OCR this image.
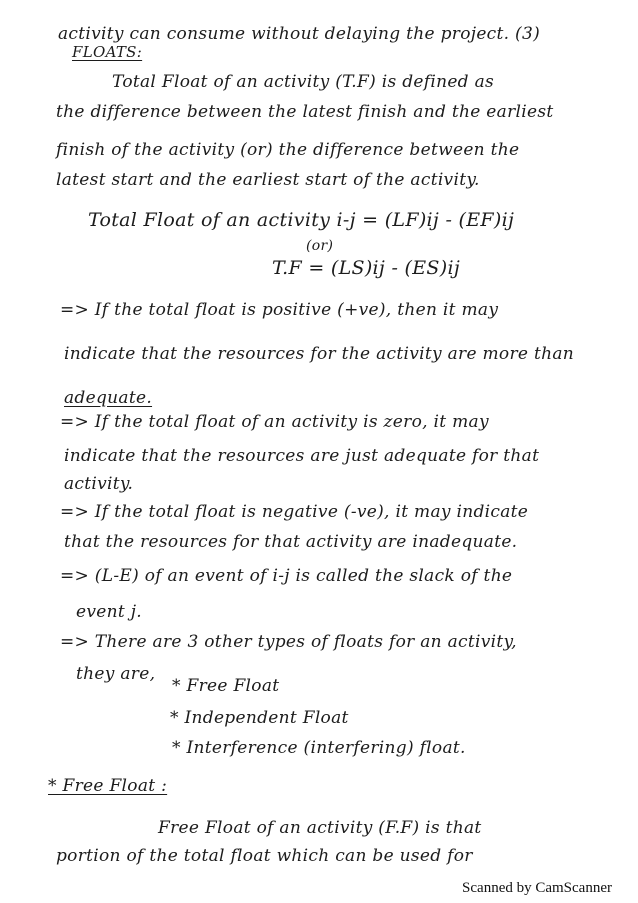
activity can consume without delaying the project. (3)
FLOATS:
Total Float of an activity (T.F) is defined as
the difference between the latest finish and the earliest
finish of the activity (or) the difference between the
latest start and the earliest start of the activity.
Total Float of an activity i-j = (LF)ij - (EF)ij
(or)
T.F = (LS)ij - (ES)ij
=> If the total float is positive (+ve), then it may
indicate that the resources for the activity are more than
adequate.
=> If the total float of an activity is zero, it may
indicate that the resources are just adequate for that
activity.
=> If the total float is negative (-ve), it may indicate
that the resources for that activity are inadequate.
=> (L-E) of an event of i-j is called the slack of the
event j.
=> There are 3 other types of floats for an activity,
they are,
* Free Float
* Independent Float
* Interference (interfering) float.
* Free Float :
Free Float of an activity (F.F) is that
portion of the total float which can be used for
Scanned by CamScanner
